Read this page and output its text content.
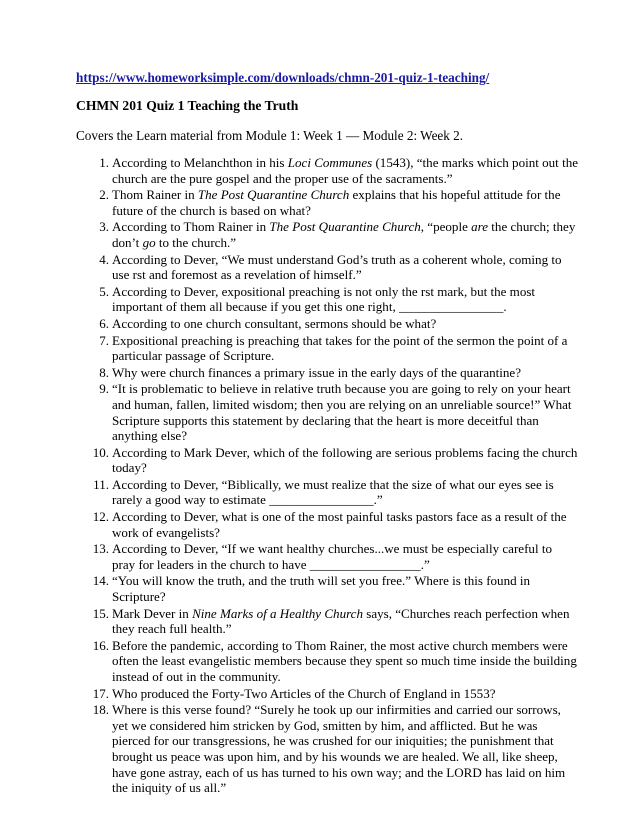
https://www.homeworksimple.com/downloads/chmn-201-quiz-1-teaching/

CHMN 201 Quiz 1 Teaching the Truth

Covers the Learn material from Module 1: Week 1 — Module 2: Week 2.

1. According to Melanchthon in his Loci Communes (1543), “the marks which point out the church are the pure gospel and the proper use of the sacraments.”
2. Thom Rainer in The Post Quarantine Church explains that his hopeful attitude for the future of the church is based on what?
3. According to Thom Rainer in The Post Quarantine Church, “people are the church; they don’t go to the church.”
4. According to Dever, “We must understand God’s truth as a coherent whole, coming to use rst and foremost as a revelation of himself.”
5. According to Dever, expositional preaching is not only the rst mark, but the most important of them all because if you get this one right, ________________.
6. According to one church consultant, sermons should be what?
7. Expositional preaching is preaching that takes for the point of the sermon the point of a particular passage of Scripture.
8. Why were church finances a primary issue in the early days of the quarantine?
9. “It is problematic to believe in relative truth because you are going to rely on your heart and human, fallen, limited wisdom; then you are relying on an unreliable source!” What Scripture supports this statement by declaring that the heart is more deceitful than anything else?
10. According to Mark Dever, which of the following are serious problems facing the church today?
11. According to Dever, “Biblically, we must realize that the size of what our eyes see is rarely a good way to estimate ________________.”
12. According to Dever, what is one of the most painful tasks pastors face as a result of the work of evangelists?
13. According to Dever, “If we want healthy churches...we must be especially careful to pray for leaders in the church to have _________________.”
14. “You will know the truth, and the truth will set you free.” Where is this found in Scripture?
15. Mark Dever in Nine Marks of a Healthy Church says, “Churches reach perfection when they reach full health.”
16. Before the pandemic, according to Thom Rainer, the most active church members were often the least evangelistic members because they spent so much time inside the building instead of out in the community.
17. Who produced the Forty-Two Articles of the Church of England in 1553?
18. Where is this verse found? “Surely he took up our infirmities and carried our sorrows, yet we considered him stricken by God, smitten by him, and afflicted. But he was pierced for our transgressions, he was crushed for our iniquities; the punishment that brought us peace was upon him, and by his wounds we are healed. We all, like sheep, have gone astray, each of us has turned to his own way; and the LORD has laid on him the iniquity of us all.”
